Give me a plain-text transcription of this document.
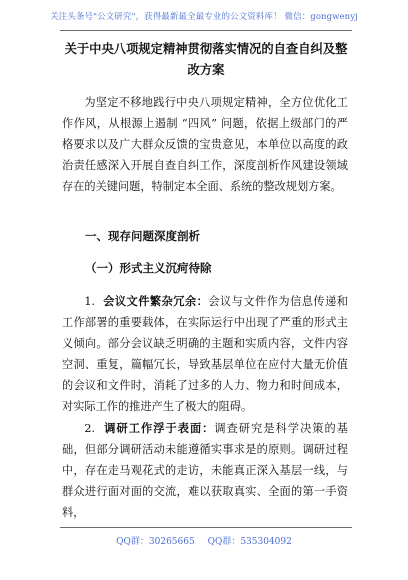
关注头条号"公文研究"，获得最新最全最专业的公文资料库！ 微信：gongwenyj
关于中央八项规定精神贯彻落实情况的自查自纠及整改方案

为坚定不移地践行中央八项规定精神，全方位优化工作作风，从根源上遏制 “四风” 问题，依据上级部门的严格要求以及广大群众反馈的宝贵意见，本单位以高度的政治责任感深入开展自查自纠工作，深度剖析作风建设领域存在的关键问题，特制定本全面、系统的整改规划方案。

一、现存问题深度剖析

（一）形式主义沉疴待除

1. 会议文件繁杂冗余：会议与文件作为信息传递和工作部署的重要载体，在实际运行中出现了严重的形式主义倾向。部分会议缺乏明确的主题和实质内容，文件内容空洞、重复，篇幅冗长，导致基层单位在应付大量无价值的会议和文件时，消耗了过多的人力、物力和时间成本，对实际工作的推进产生了极大的阻碍。

2. 调研工作浮于表面：调查研究是科学决策的基础，但部分调研活动未能遵循实事求是的原则。调研过程中，存在走马观花式的走访，未能真正深入基层一线，与群众进行面对面的交流，难以获取真实、全面的第一手资料，

QQ群：30265665 QQ群：535304092
